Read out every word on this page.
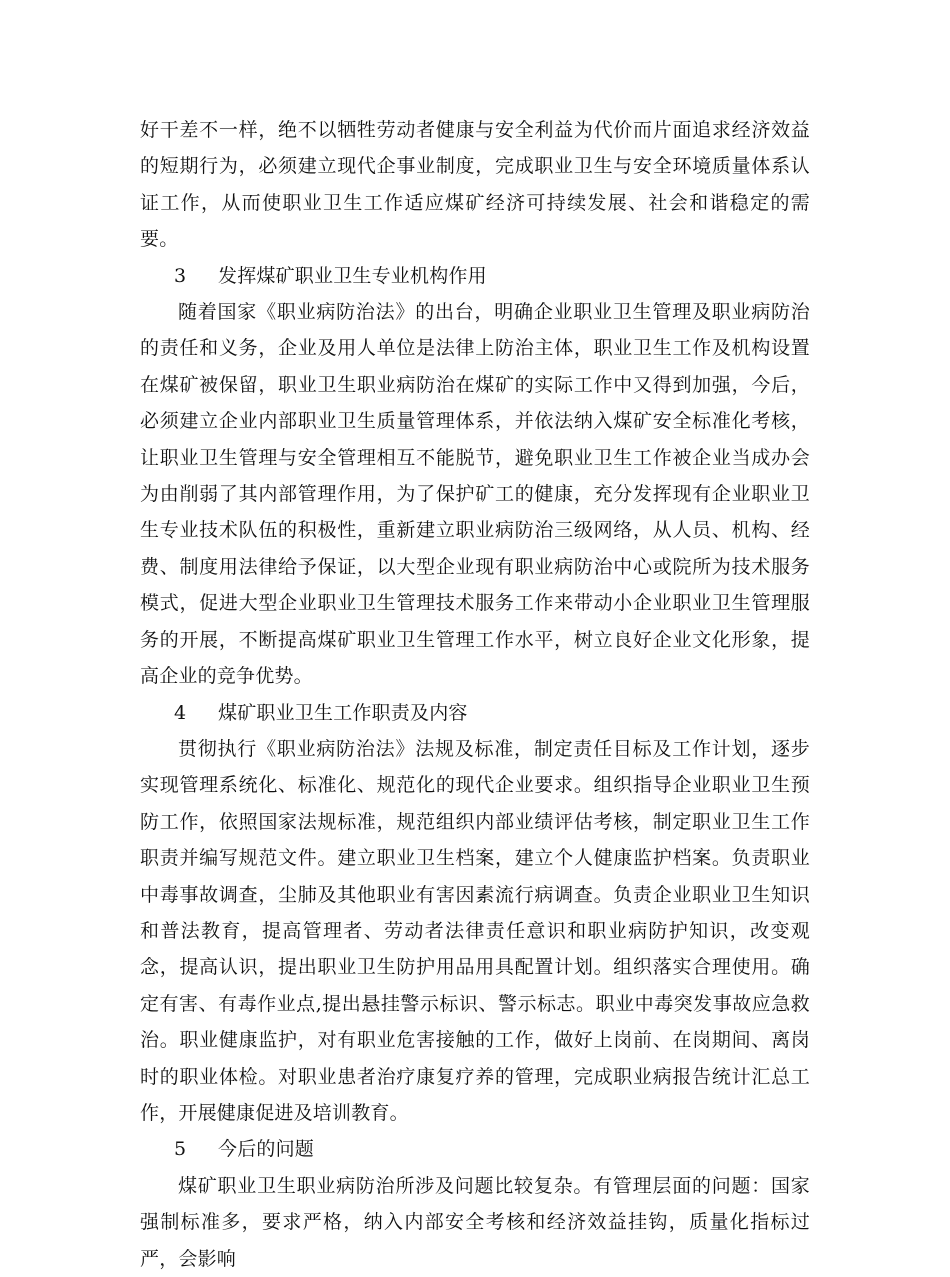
好干差不一样，绝不以牺牲劳动者健康与安全利益为代价而片面追求经济效益的短期行为，必须建立现代企事业制度，完成职业卫生与安全环境质量体系认证工作，从而使职业卫生工作适应煤矿经济可持续发展、社会和谐稳定的需要。

3 发挥煤矿职业卫生专业机构作用

随着国家《职业病防治法》的出台，明确企业职业卫生管理及职业病防治的责任和义务，企业及用人单位是法律上防治主体，职业卫生工作及机构设置在煤矿被保留，职业卫生职业病防治在煤矿的实际工作中又得到加强，今后，必须建立企业内部职业卫生质量管理体系，并依法纳入煤矿安全标准化考核，让职业卫生管理与安全管理相互不能脱节，避免职业卫生工作被企业当成办会为由削弱了其内部管理作用，为了保护矿工的健康，充分发挥现有企业职业卫生专业技术队伍的积极性，重新建立职业病防治三级网络，从人员、机构、经费、制度用法律给予保证，以大型企业现有职业病防治中心或院所为技术服务模式，促进大型企业职业卫生管理技术服务工作来带动小企业职业卫生管理服务的开展，不断提高煤矿职业卫生管理工作水平，树立良好企业文化形象，提高企业的竞争优势。

4 煤矿职业卫生工作职责及内容

贯彻执行《职业病防治法》法规及标准，制定责任目标及工作计划，逐步实现管理系统化、标准化、规范化的现代企业要求。组织指导企业职业卫生预防工作，依照国家法规标准，规范组织内部业绩评估考核，制定职业卫生工作职责并编写规范文件。建立职业卫生档案，建立个人健康监护档案。负责职业中毒事故调查，尘肺及其他职业有害因素流行病调查。负责企业职业卫生知识和普法教育，提高管理者、劳动者法律责任意识和职业病防护知识，改变观念，提高认识，提出职业卫生防护用品用具配置计划。组织落实合理使用。确定有害、有毒作业点,提出悬挂警示标识、警示标志。职业中毒突发事故应急救治。职业健康监护，对有职业危害接触的工作，做好上岗前、在岗期间、离岗时的职业体检。对职业患者治疗康复疗养的管理，完成职业病报告统计汇总工作，开展健康促进及培训教育。

5 今后的问题

煤矿职业卫生职业病防治所涉及问题比较复杂。有管理层面的问题：国家强制标准多，要求严格，纳入内部安全考核和经济效益挂钩，质量化指标过严，会影响
